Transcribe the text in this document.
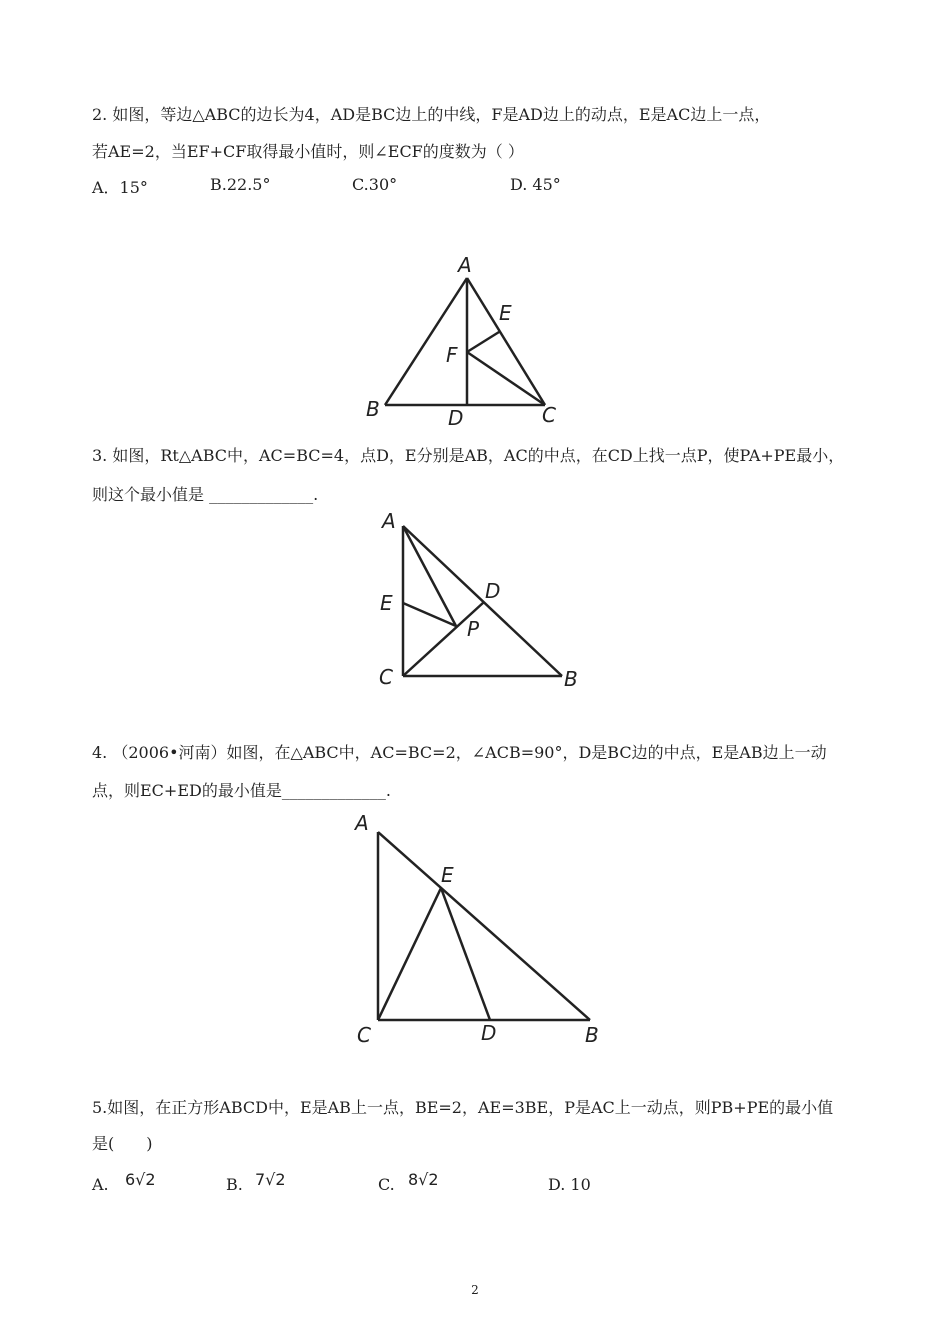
2. 如图，等边△ABC的边长为4，AD是BC边上的中线，F是AD边上的动点，E是AC边上一点，
若AE=2，当EF+CF取得最小值时，则∠ECF的度数为（ ）
A．15°	B.22.5°	C.30°	D. 45°
A
B	C
D
E
F
3. 如图，Rt△ABC中，AC=BC=4，点D，E分别是AB，AC的中点，在CD上找一点P，使PA+PE最小，
则这个最小值是 _____________.
A
B
C
D
E
P
4. （2006•河南）如图，在△ABC中，AC=BC=2，∠ACB=90°，D是BC边的中点，E是AB边上一动
点，则EC+ED的最小值是_____________.
A
B
C	D
E
5.如图，在正方形ABCD中，E是AB上一点，BE=2，AE=3BE，P是AC上一动点，则PB+PE的最小值
是(　　)
A. 6√2	B. 7√2	C. 8√2	D. 10
2
